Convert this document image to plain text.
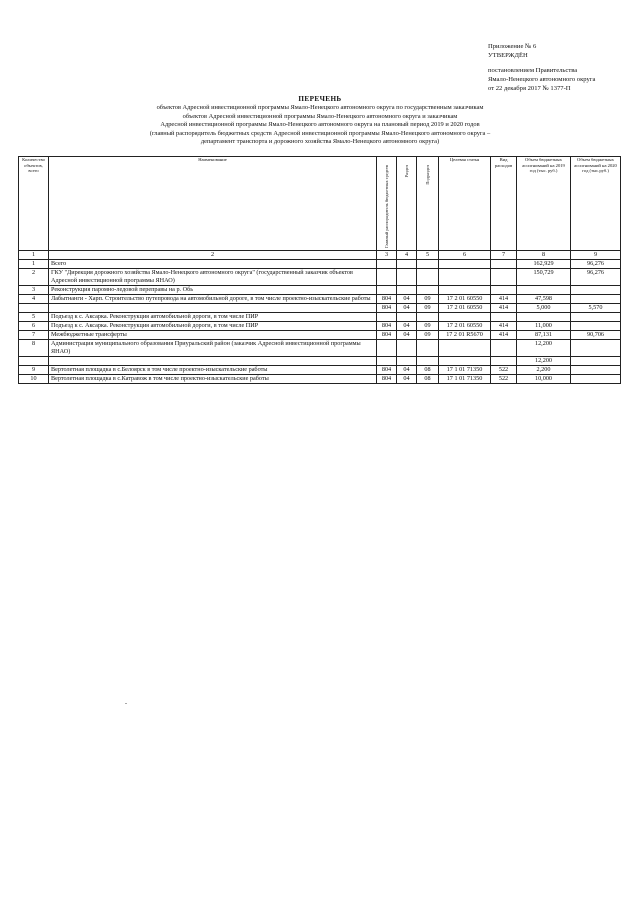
Приложение № 6
УТВЕРЖДЁН
постановлением Правительства
Ямало-Ненецкого автономного округа
от 22 декабря 2017 № 1377-П
ПЕРЕЧЕНЬ
объектов Адресной инвестиционной программы Ямало-Ненецкого автономного округа по государственным заказчикам
объектов Адресной инвестиционной программы Ямало-Ненецкого автономного округа и заказчикам
Адресной инвестиционной программы Ямало-Ненецкого автономного округа на плановый период 2019 и 2020 годов
(главный распорядитель бюджетных средств Адресной инвестиционной программы Ямало-Ненецкого автономного округа –
департамент транспорта и дорожного хозяйства Ямало-Ненецкого автономного округа)
Количество объектов, всего	Наименование	Главный распорядитель бюджетных средств	Раздел	Подраздел	Целевая статья	Вид расходов	Объем бюджетных ассигнований на 2019 год (тыс. руб.)	Объем бюджетных ассигнований на 2020 год (тыс.руб.)
1	2	3	4	5	6	7	8	9
1	Всего						162,929	96,276
2	ГКУ "Дирекция дорожного хозяйства Ямало-Ненецкого автономного округа" (государственный заказчик объектов Адресной инвестиционной программы ЯНАО)						150,729	96,276
3	Реконструкция паромно-ледовой переправы на р. Обь							
4	Лабытнанги - Харп. Строительство путепровода на автомобильной дороге, в том числе проектно-изыскательские работы	804	04	09	17 2 01 60550	414	47,598	
		804	04	09	17 2 01 60550	414	5,000	5,570
5	Подъезд к с. Аксарка. Реконструкция автомобильной дороги, в том числе ПИР							
6	Подъезд к с. Аксарка. Реконструкция автомобильной дороги, в том числе ПИР	804	04	09	17 2 01 60550	414	11,000	
7	Межбюджетные трансферты	804	04	09	17 2 01 R5670	414	87,131	90,706
8	Администрация муниципального образования Приуральский район (заказчик Адресной инвестиционной программы ЯНАО)						12,200	
							12,200	
9	Вертолетная площадка в с.Белоярск в том числе проектно-изыскательские работы	804	04	08	17 1 01 71350	522	2,200	
10	Вертолетная площадка в с.Катравож в том числе проектно-изыскательские работы	804	04	08	17 1 01 71350	522	10,000	
.
